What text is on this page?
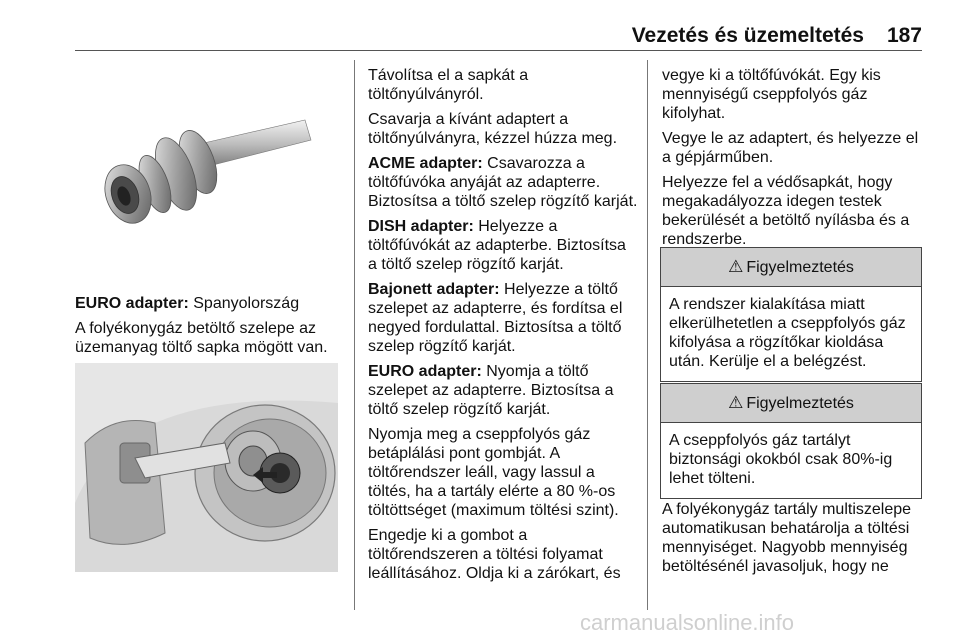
Vezetés és üzemeltetés 187

EURO adapter: Spanyolország

A folyékonygáz betöltő szelepe az üzemanyag töltő sapka mögött van.

Távolítsa el a sapkát a töltőnyúlványról.

Csavarja a kívánt adaptert a töltőnyúlványra, kézzel húzza meg.

ACME adapter: Csavarozza a töltőfúvóka anyáját az adapterre. Biztosítsa a töltő szelep rögzítő karját.

DISH adapter: Helyezze a töltőfúvókát az adapterbe. Biztosítsa a töltő szelep rögzítő karját.

Bajonett adapter: Helyezze a töltő szelepet az adapterre, és fordítsa el negyed fordulattal. Biztosítsa a töltő szelep rögzítő karját.

EURO adapter: Nyomja a töltő szelepet az adapterre. Biztosítsa a töltő szelep rögzítő karját.

Nyomja meg a cseppfolyós gáz betáplálási pont gombját. A töltőrendszer leáll, vagy lassul a töltés, ha a tartály elérte a 80 %-os töltöttséget (maximum töltési szint).

Engedje ki a gombot a töltőrendszeren a töltési folyamat leállításához. Oldja ki a zárókart, és

vegye ki a töltőfúvókát. Egy kis mennyiségű cseppfolyós gáz kifolyhat.

Vegye le az adaptert, és helyezze el a gépjárműben.

Helyezze fel a védősapkát, hogy megakadályozza idegen testek bekerülését a betöltő nyílásba és a rendszerbe.

⚠ Figyelmeztetés
A rendszer kialakítása miatt elkerülhetetlen a cseppfolyós gáz kifolyása a rögzítőkar kioldása után. Kerülje el a belégzést.
⚠ Figyelmeztetés
A cseppfolyós gáz tartályt biztonsági okokból csak 80%-ig lehet tölteni.

A folyékonygáz tartály multiszelepe automatikusan behatárolja a töltési mennyiséget. Nagyobb mennyiség betöltésénél javasoljuk, hogy ne

carmanualsonline.info
